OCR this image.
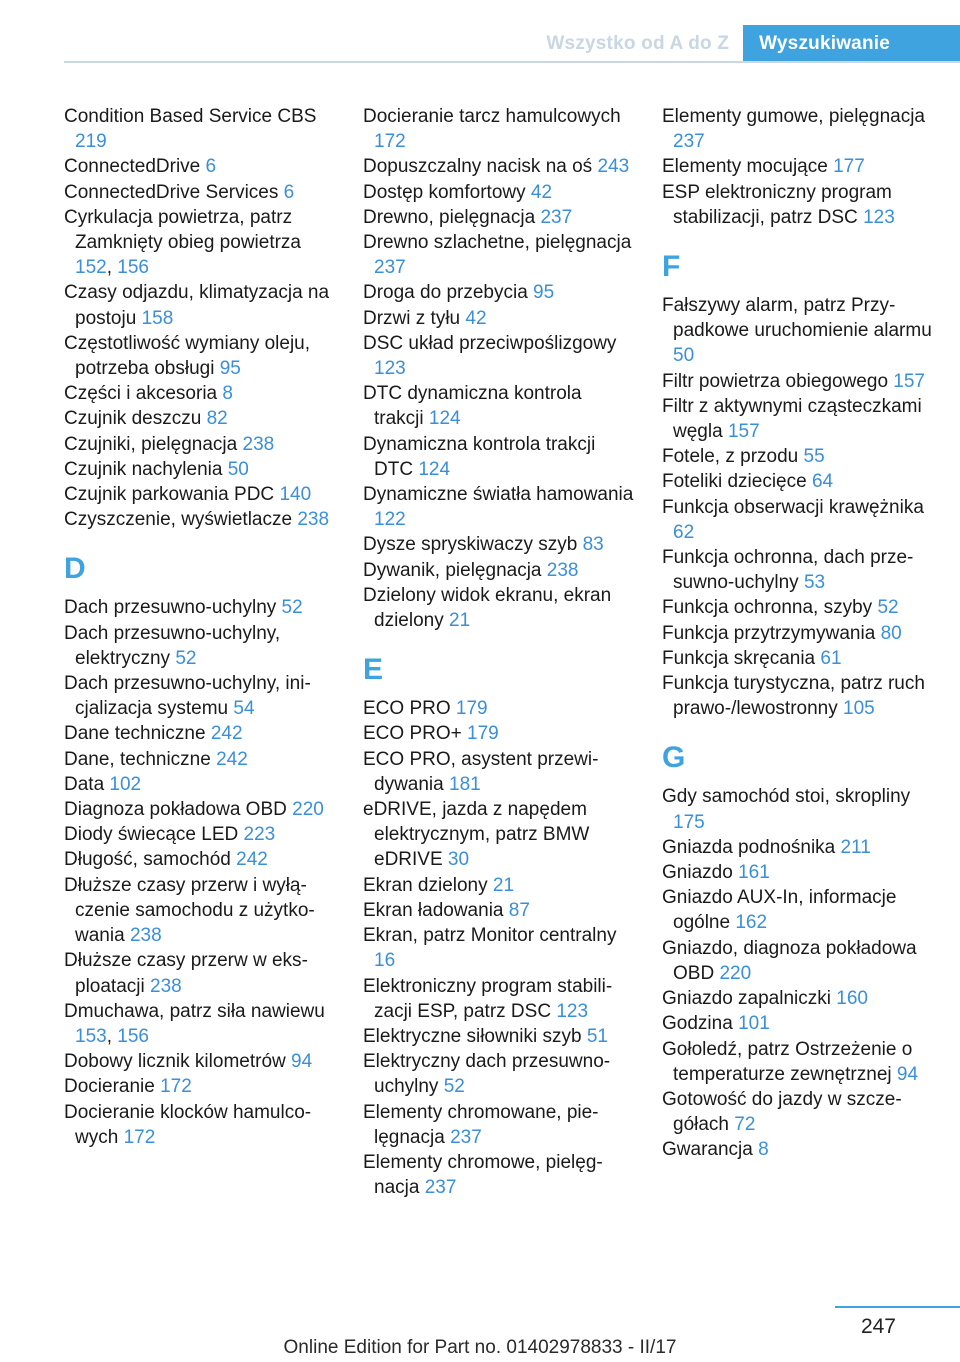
Wszystko od A do Z	Wyszukiwanie
Condition Based Service CBS 219
ConnectedDrive 6
ConnectedDrive Services 6
Cyrkulacja powietrza, patrz Zamknięty obieg powietrza 152, 156
Czasy odjazdu, klimatyzacja na postoju 158
Częstotliwość wymiany oleju, potrzeba obsługi 95
Części i akcesoria 8
Czujnik deszczu 82
Czujniki, pielęgnacja 238
Czujnik nachylenia 50
Czujnik parkowania PDC 140
Czyszczenie, wyświetlacze 238
D
Dach przesuwno-uchylny 52
Dach przesuwno-uchylny, elektryczny 52
Dach przesuwno-uchylny, inicjalizacja systemu 54
Dane techniczne 242
Dane, techniczne 242
Data 102
Diagnoza pokładowa OBD 220
Diody świecące LED 223
Długość, samochód 242
Dłuższe czasy przerw i wyłączenie samochodu z użytkowania 238
Dłuższe czasy przerw w eksploatacji 238
Dmuchawa, patrz siła nawiewu 153, 156
Dobowy licznik kilometrów 94
Docieranie 172
Docieranie klocków hamulcowych 172
Docieranie tarcz hamulcowych 172
Dopuszczalny nacisk na oś 243
Dostęp komfortowy 42
Drewno, pielęgnacja 237
Drewno szlachetne, pielęgnacja 237
Droga do przebycia 95
Drzwi z tyłu 42
DSC układ przeciwpoślizgowy 123
DTC dynamiczna kontrola trakcji 124
Dynamiczna kontrola trakcji DTC 124
Dynamiczne światła hamowania 122
Dysze spryskiwaczy szyb 83
Dywanik, pielęgnacja 238
Dzielony widok ekranu, ekran dzielony 21
E
ECO PRO 179
ECO PRO+ 179
ECO PRO, asystent przewidywania 181
eDRIVE, jazda z napędem elektrycznym, patrz BMW eDRIVE 30
Ekran dzielony 21
Ekran ładowania 87
Ekran, patrz Monitor centralny 16
Elektroniczny program stabilizacji ESP, patrz DSC 123
Elektryczne siłowniki szyb 51
Elektryczny dach przesuwno-uchylny 52
Elementy chromowane, pielęgnacja 237
Elementy chromowe, pielęgnacja 237
Elementy gumowe, pielęgnacja 237
Elementy mocujące 177
ESP elektroniczny program stabilizacji, patrz DSC 123
F
Fałszywy alarm, patrz Przypadkowe uruchomienie alarmu 50
Filtr powietrza obiegowego 157
Filtr z aktywnymi cząsteczkami węgla 157
Fotele, z przodu 55
Foteliki dziecięce 64
Funkcja obserwacji krawężnika 62
Funkcja ochronna, dach przesuwno-uchylny 53
Funkcja ochronna, szyby 52
Funkcja przytrzymywania 80
Funkcja skręcania 61
Funkcja turystyczna, patrz ruch prawo-/lewostronny 105
G
Gdy samochód stoi, skropliny 175
Gniazda podnośnika 211
Gniazdo 161
Gniazdo AUX-In, informacje ogólne 162
Gniazdo, diagnoza pokładowa OBD 220
Gniazdo zapalniczki 160
Godzina 101
Gołoledź, patrz Ostrzeżenie o temperaturze zewnętrznej 94
Gotowość do jazdy w szczegółach 72
Gwarancja 8
247
Online Edition for Part no. 01402978833 - II/17
